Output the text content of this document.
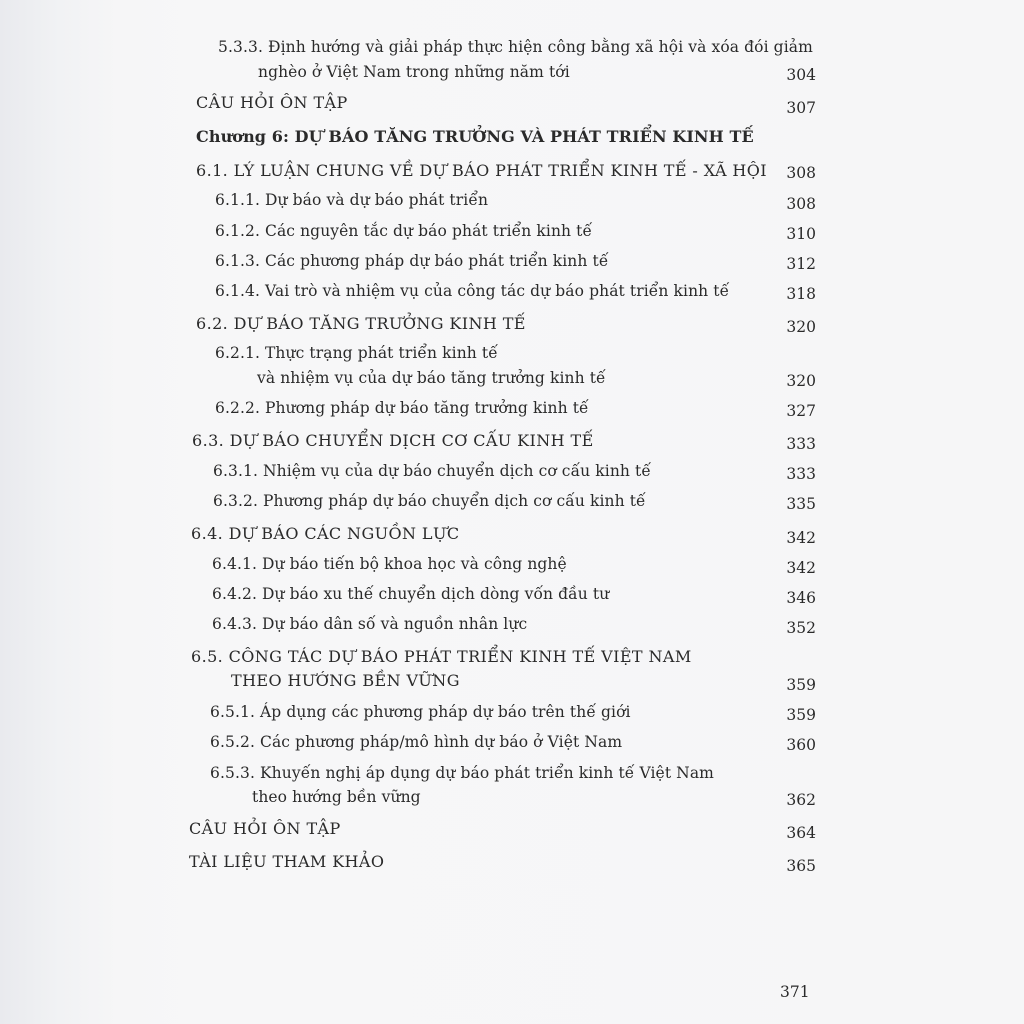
5.3.3. Định hướng và giải pháp thực hiện công bằng xã hội và xóa đói giảm
nghèo ở Việt Nam trong những năm tới	304
CÂU HỎI ÔN TẬP	307
Chương 6: DỰ BÁO TĂNG TRƯỞNG VÀ PHÁT TRIỂN KINH TẾ
6.1. LÝ LUẬN CHUNG VỀ DỰ BÁO PHÁT TRIỂN KINH TẾ - XÃ HỘI	308
6.1.1. Dự báo và dự báo phát triển	308
6.1.2. Các nguyên tắc dự báo phát triển kinh tế	310
6.1.3. Các phương pháp dự báo phát triển kinh tế	312
6.1.4. Vai trò và nhiệm vụ của công tác dự báo phát triển kinh tế	318
6.2. DỰ BÁO TĂNG TRƯỞNG KINH TẾ	320
6.2.1. Thực trạng phát triển kinh tế
và nhiệm vụ của dự báo tăng trưởng kinh tế	320
6.2.2. Phương pháp dự báo tăng trưởng kinh tế	327
6.3. DỰ BÁO CHUYỂN DỊCH CƠ CẤU KINH TẾ	333
6.3.1. Nhiệm vụ của dự báo chuyển dịch cơ cấu kinh tế	333
6.3.2. Phương pháp dự báo chuyển dịch cơ cấu kinh tế	335
6.4. DỰ BÁO CÁC NGUỒN LỰC	342
6.4.1. Dự báo tiến bộ khoa học và công nghệ	342
6.4.2. Dự báo xu thế chuyển dịch dòng vốn đầu tư	346
6.4.3. Dự báo dân số và nguồn nhân lực	352
6.5. CÔNG TÁC DỰ BÁO PHÁT TRIỂN KINH TẾ VIỆT NAM
THEO HƯỚNG BỀN VỮNG	359
6.5.1. Áp dụng các phương pháp dự báo trên thế giới	359
6.5.2. Các phương pháp/mô hình dự báo ở Việt Nam	360
6.5.3. Khuyến nghị áp dụng dự báo phát triển kinh tế Việt Nam
theo hướng bền vững	362
CÂU HỎI ÔN TẬP	364
TÀI LIỆU THAM KHẢO	365
371
